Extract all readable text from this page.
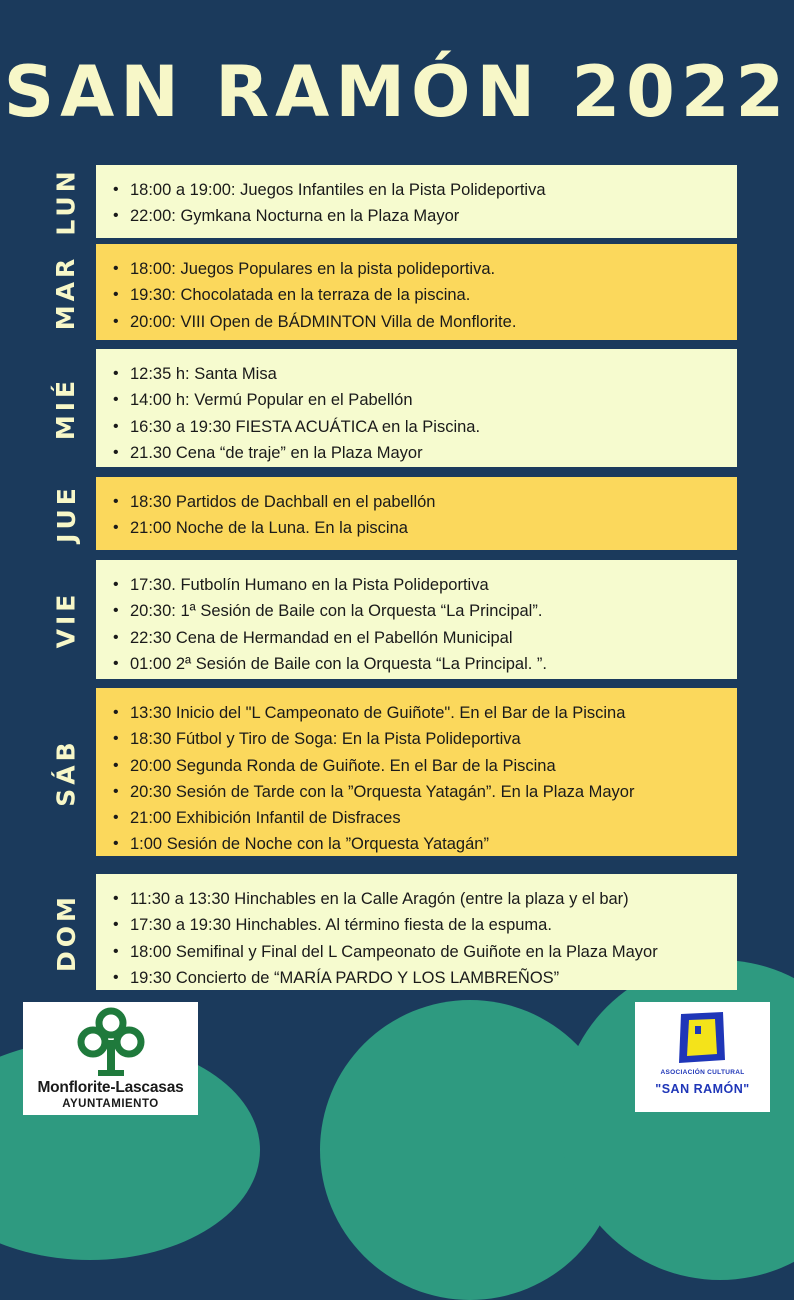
SAN RAMÓN 2022
LUN	• 18:00 a 19:00: Juegos Infantiles en la Pista Polideportiva
• 22:00: Gymkana Nocturna en la Plaza Mayor
MAR	• 18:00: Juegos Populares en la pista polideportiva.
• 19:30: Chocolatada en la terraza de la piscina.
• 20:00: VIII Open de BÁDMINTON Villa de Monflorite.
MIÉ
• 12:35 h: Santa Misa
• 14:00 h: Vermú Popular en el Pabellón
• 16:30 a 19:30 FIESTA ACUÁTICA en la Piscina.
• 21.30 Cena “de traje” en la Plaza Mayor
JUE	• 18:30 Partidos de Dachball en el pabellón
• 21:00 Noche de la Luna. En la piscina
VIE
• 17:30. Futbolín Humano en la Pista Polideportiva
• 20:30: 1ª Sesión de Baile con la Orquesta “La Principal”.
• 22:30 Cena de Hermandad en el Pabellón Municipal
• 01:00 2ª Sesión de Baile con la Orquesta “La Principal. ”.
SÁB
• 13:30 Inicio del "L Campeonato de Guiñote". En el Bar de la Piscina
• 18:30 Fútbol y Tiro de Soga: En la Pista Polideportiva
• 20:00 Segunda Ronda de Guiñote. En el Bar de la Piscina
• 20:30 Sesión de Tarde con la ”Orquesta Yatagán”. En la Plaza Mayor
• 21:00 Exhibición Infantil de Disfraces
• 1:00 Sesión de Noche con la ”Orquesta Yatagán”
DOM	• 11:30 a 13:30 Hinchables en la Calle Aragón (entre la plaza y el bar)
• 17:30 a 19:30 Hinchables. Al término fiesta de la espuma.
• 18:00 Semifinal y Final del L Campeonato de Guiñote en la Plaza Mayor
• 19:30 Concierto de “MARÍA PARDO Y LOS LAMBREÑOS”
Monflorite-Lascasas
AYUNTAMIENTO
ASOCIACIÓN CULTURAL
"SAN RAMÓN"
